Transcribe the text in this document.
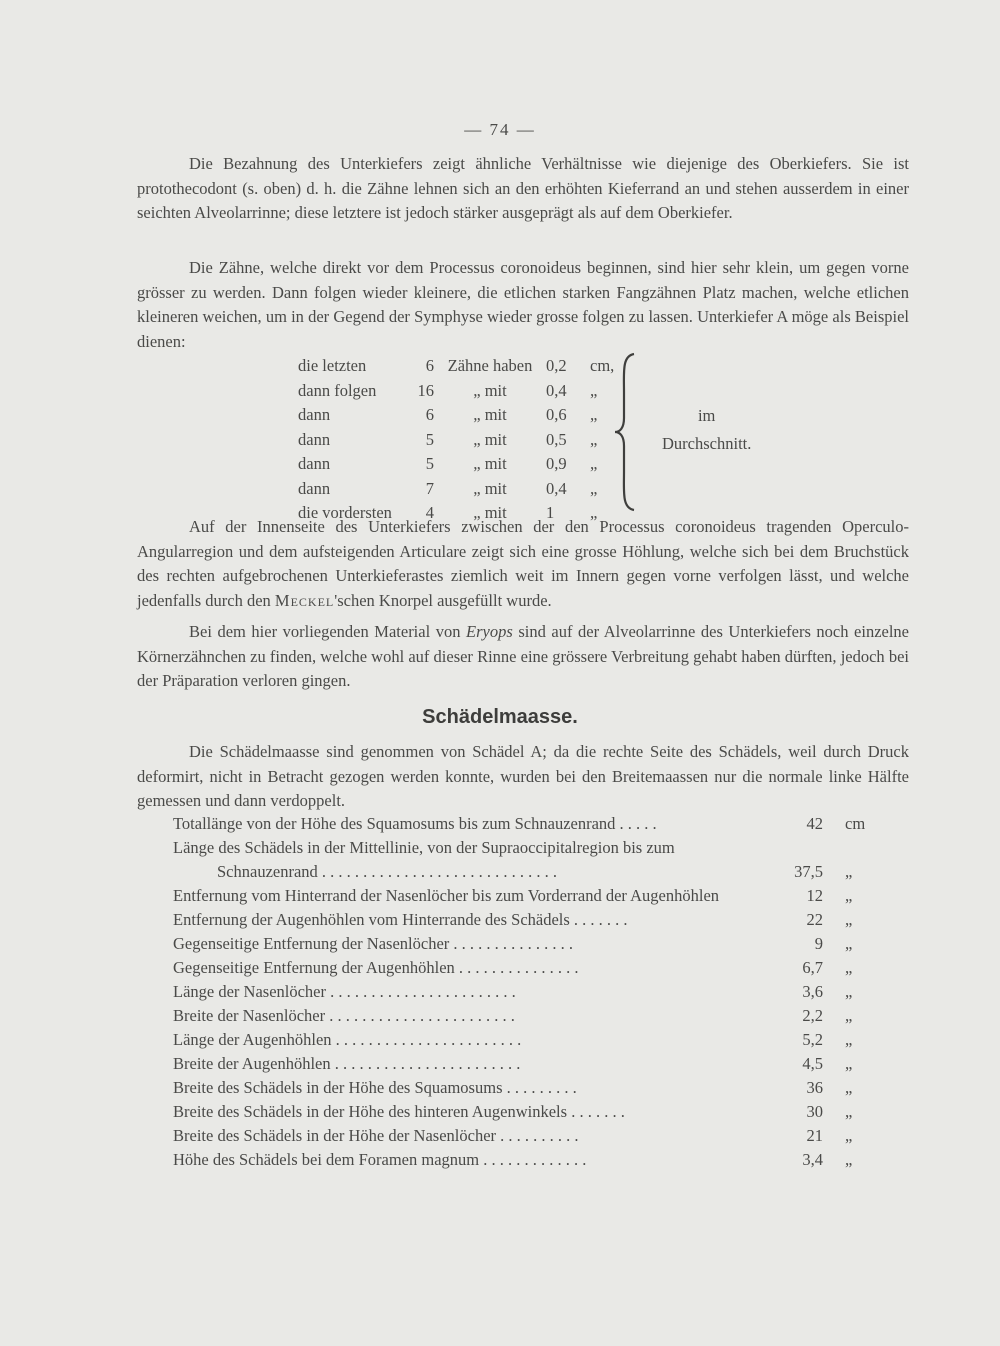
— 74 —

Die Bezahnung des Unterkiefers zeigt ähnliche Verhältnisse wie diejenige des Oberkiefers. Sie ist protothecodont (s. oben) d. h. die Zähne lehnen sich an den erhöhten Kieferrand an und stehen ausserdem in einer seichten Alveolarrinne; diese letztere ist jedoch stärker ausgeprägt als auf dem Oberkiefer.

Die Zähne, welche direkt vor dem Processus coronoideus beginnen, sind hier sehr klein, um gegen vorne grösser zu werden. Dann folgen wieder kleinere, die etlichen starken Fangzähnen Platz machen, welche etlichen kleineren weichen, um in der Gegend der Symphyse wieder grosse folgen zu lassen. Unterkiefer A möge als Beispiel dienen:

die letzten	6 Zähne haben 0,2 cm,
dann folgen 16	„ mit	0,4 „
dann	6	„ mit	0,6 „
dann	5	„ mit	0,5 „
dann	5	„ mit	0,9 „
dann	7	„ mit	0,4 „
die vordersten	4	„ mit	1 „
im
Durchschnitt.

Auf der Innenseite des Unterkiefers zwischen der den Processus coronoideus tragenden Operculo-Angularregion und dem aufsteigenden Articulare zeigt sich eine grosse Höhlung, welche sich bei dem Bruchstück des rechten aufgebrochenen Unterkieferastes ziemlich weit im Innern gegen vorne verfolgen lässt, und welche jedenfalls durch den Meckel'schen Knorpel ausgefüllt wurde.

Bei dem hier vorliegenden Material von Eryops sind auf der Alveolarrinne des Unterkiefers noch einzelne Körnerzähnchen zu finden, welche wohl auf dieser Rinne eine grössere Verbreitung gehabt haben dürften, jedoch bei der Präparation verloren gingen.

Schädelmaasse.

Die Schädelmaasse sind genommen von Schädel A; da die rechte Seite des Schädels, weil durch Druck deformirt, nicht in Betracht gezogen werden konnte, wurden bei den Breitemaassen nur die normale linke Hälfte gemessen und dann verdoppelt.

Totallänge von der Höhe des Squamosums bis zum Schnauzenrand . . . . .	42 cm
Länge des Schädels in der Mittellinie, von der Supraoccipitalregion bis zum
Schnauzenrand . . . . . . . . . . . . . . . . . . . . . . . . . . . . .	37,5 „
Entfernung vom Hinterrand der Nasenlöcher bis zum Vorderrand der Augenhöhlen	12 „
Entfernung der Augenhöhlen vom Hinterrande des Schädels . . . . . . .	22 „
Gegenseitige Entfernung der Nasenlöcher . . . . . . . . . . . . . . .	9 „
Gegenseitige Entfernung der Augenhöhlen . . . . . . . . . . . . . . .	6,7 „
Länge der Nasenlöcher . . . . . . . . . . . . . . . . . . . . . . .	3,6 „
Breite der Nasenlöcher . . . . . . . . . . . . . . . . . . . . . . .	2,2 „
Länge der Augenhöhlen . . . . . . . . . . . . . . . . . . . . . . .	5,2 „
Breite der Augenhöhlen . . . . . . . . . . . . . . . . . . . . . . .	4,5 „
Breite des Schädels in der Höhe des Squamosums . . . . . . . . .	36 „
Breite des Schädels in der Höhe des hinteren Augenwinkels . . . . . . .	30 „
Breite des Schädels in der Höhe der Nasenlöcher . . . . . . . . . .	21 „
Höhe des Schädels bei dem Foramen magnum . . . . . . . . . . . . .	3,4 „
